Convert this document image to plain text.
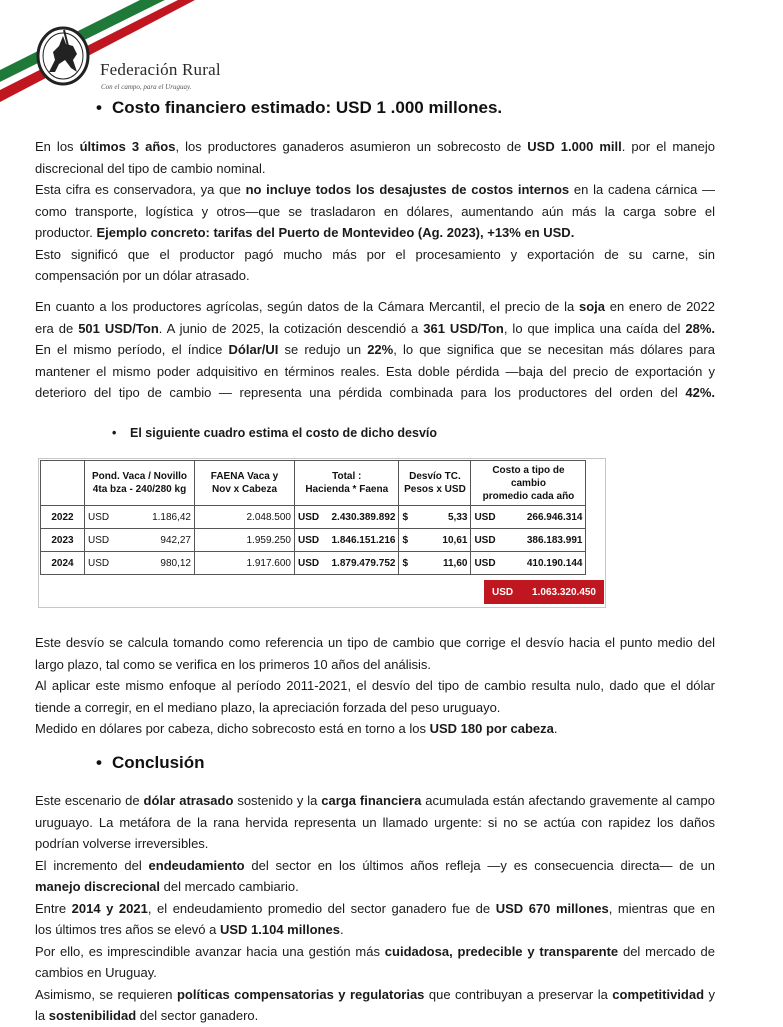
Federación Rural
Con el campo, para el Uruguay.
• Costo financiero estimado: USD 1 .000 millones.
En los últimos 3 años, los productores ganaderos asumieron un sobrecosto de USD 1.000 mill. por el manejo
discrecional del tipo de cambio nominal.
Esta cifra es conservadora, ya que no incluye todos los desajustes de costos internos en la cadena cárnica —
como transporte, logística y otros—que se trasladaron en dólares, aumentando aún más la carga sobre el
productor. Ejemplo concreto: tarifas del Puerto de Montevideo (Ag. 2023), +13% en USD.
Esto significó que el productor pagó mucho más por el procesamiento y exportación de su carne, sin
compensación por un dólar atrasado.
En cuanto a los productores agrícolas, según datos de la Cámara Mercantil, el precio de la soja en enero de 2022
era de 501 USD/Ton. A junio de 2025, la cotización descendió a 361 USD/Ton, lo que implica una caída del 28%.
En el mismo período, el índice Dólar/UI se redujo un 22%, lo que significa que se necesitan más dólares para
mantener el mismo poder adquisitivo en términos reales. Esta doble pérdida —baja del precio de exportación y
deterioro del tipo de cambio — representa una pérdida combinada para los productores del orden del 42%.
• El siguiente cuadro estima el costo de dicho desvío
	Pond. Vaca / Novillo
4ta bza - 240/280 kg		FAENA Vaca y
Nov x Cabeza	Total :
Hacienda * Faena		Desvío TC.
Pesos x USD		Costo a tipo de cambio
promedio cada año	
2022	USD	1.186,42	2.048.500	USD	2.430.389.892	$	5,33	USD	266.946.314
2023	USD	942,27	1.959.250	USD	1.846.151.216	$	10,61	USD	386.183.991
2024	USD	980,12	1.917.600	USD	1.879.479.752	$	11,60	USD	410.190.144
USD	1.063.320.450
Este desvío se calcula tomando como referencia un tipo de cambio que corrige el desvío hacia el punto medio del
largo plazo, tal como se verifica en los primeros 10 años del análisis.
Al aplicar este mismo enfoque al período 2011-2021, el desvío del tipo de cambio resulta nulo, dado que el dólar
tiende a corregir, en el mediano plazo, la apreciación forzada del peso uruguayo.
Medido en dólares por cabeza, dicho sobrecosto está en torno a los USD 180 por cabeza.
• Conclusión
Este escenario de dólar atrasado sostenido y la carga financiera acumulada están afectando gravemente al campo
uruguayo. La metáfora de la rana hervida representa un llamado urgente: si no se actúa con rapidez los daños
podrían volverse irreversibles.
El incremento del endeudamiento del sector en los últimos años refleja —y es consecuencia directa— de un
manejo discrecional del mercado cambiario.
Entre 2014 y 2021, el endeudamiento promedio del sector ganadero fue de USD 670 millones, mientras que en
los últimos tres años se elevó a USD 1.104 millones.
Por ello, es imprescindible avanzar hacia una gestión más cuidadosa, predecible y transparente del mercado de
cambios en Uruguay.
Asimismo, se requieren políticas compensatorias y regulatorias que contribuyan a preservar la competitividad y
la sostenibilidad del sector ganadero.
